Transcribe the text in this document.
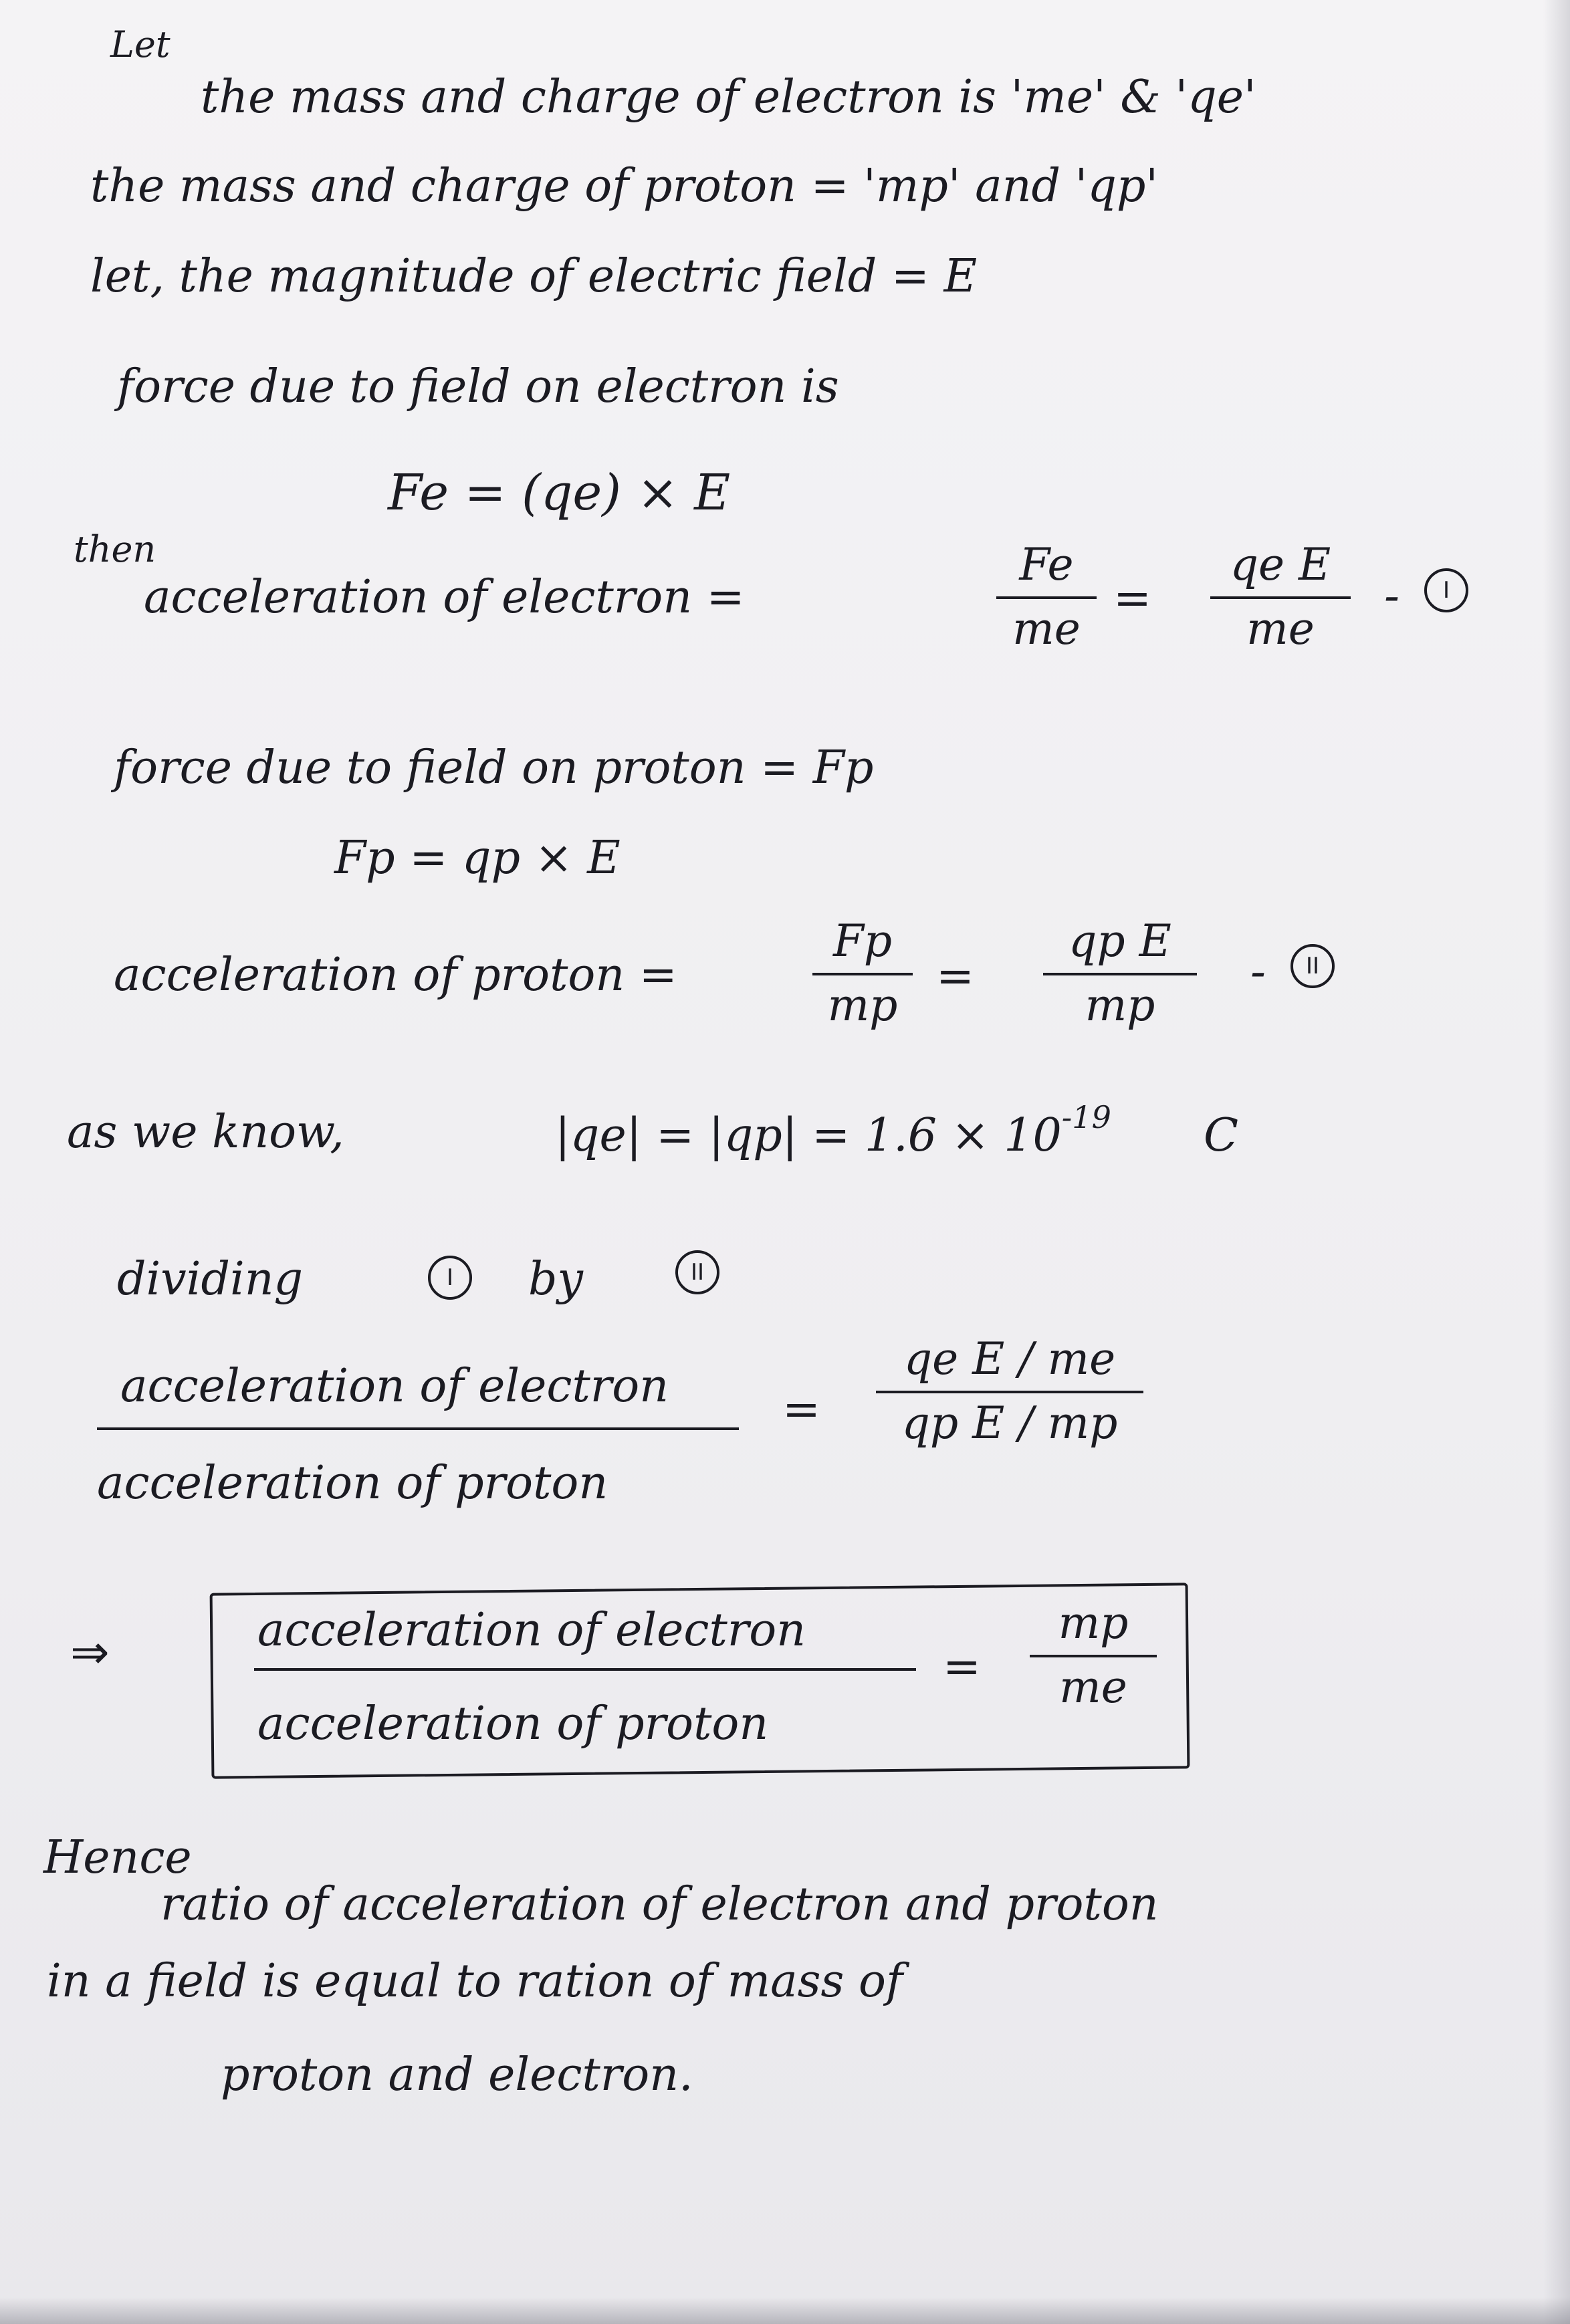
Let
the mass and charge of electron is 'me' & 'qe'
the mass and charge of proton = 'mp' and 'qp'
let, the magnitude of electric field = E
force due to field on electron is
Fe = (qe) × E
then
acceleration of electron =
Fe
me
=
qe E
me
-	I
force due to field on proton = Fp
Fp = qp × E
acceleration of proton =
Fp
mp
=
qp E
mp
-	II
as we know,	$|qe| = |qp| = 1.6 \times 10^{-19}$ C
dividing	I	by	II
acceleration of electron
acceleration of proton
=
qe E / me
qp E / mp
⇒	acceleration of electron
acceleration of proton
=
mp
me
Hence
ratio of acceleration of electron and proton
in a field is equal to ration of mass of
proton and electron.
